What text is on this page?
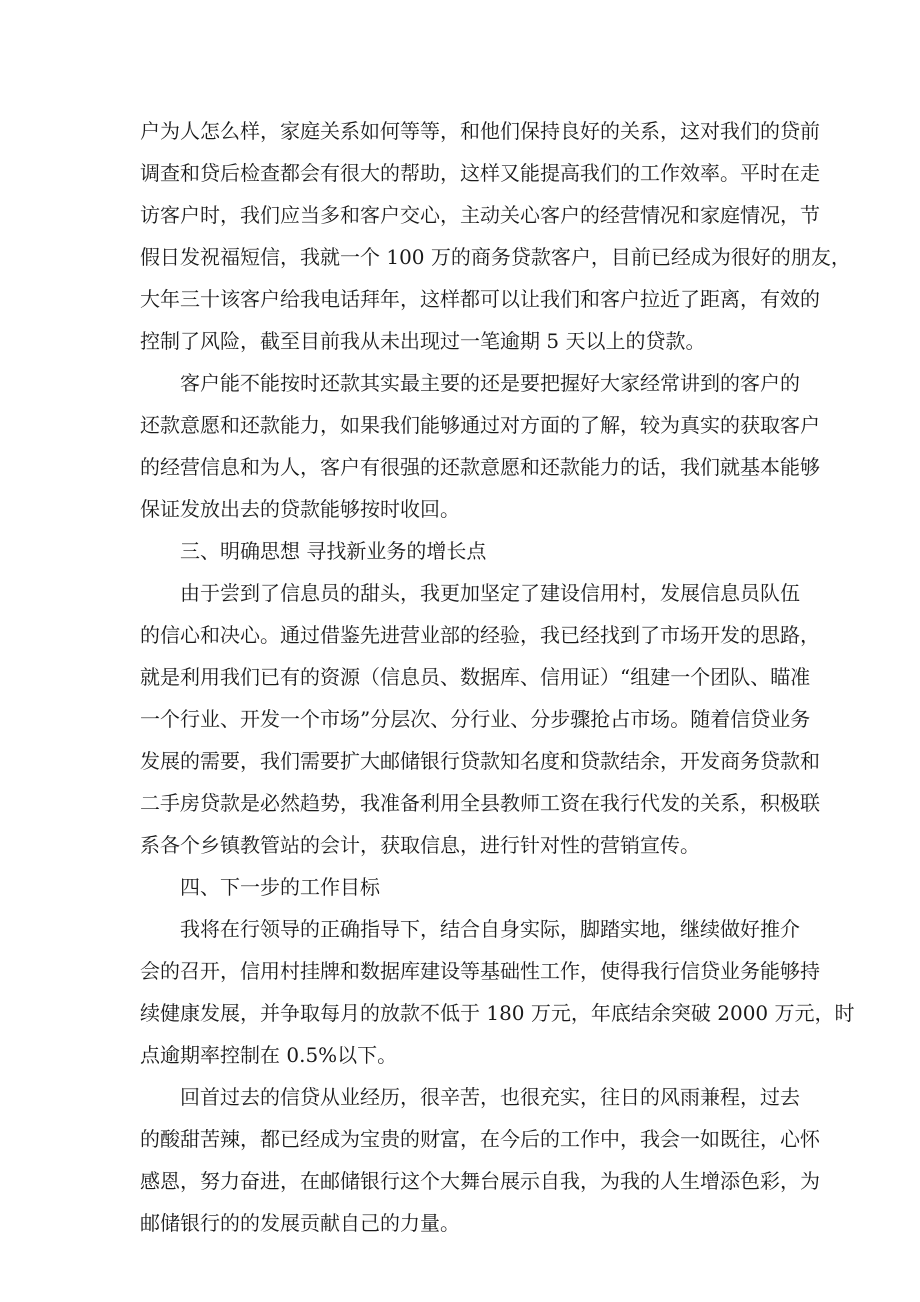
户为人怎么样，家庭关系如何等等，和他们保持良好的关系，这对我们的贷前
调查和贷后检查都会有很大的帮助，这样又能提高我们的工作效率。平时在走
访客户时，我们应当多和客户交心，主动关心客户的经营情况和家庭情况，节
假日发祝福短信，我就一个 100 万的商务贷款客户，目前已经成为很好的朋友，
大年三十该客户给我电话拜年，这样都可以让我们和客户拉近了距离，有效的
控制了风险，截至目前我从未出现过一笔逾期 5 天以上的贷款。

客户能不能按时还款其实最主要的还是要把握好大家经常讲到的客户的
还款意愿和还款能力，如果我们能够通过对方面的了解，较为真实的获取客户
的经营信息和为人，客户有很强的还款意愿和还款能力的话，我们就基本能够
保证发放出去的贷款能够按时收回。

三、明确思想 寻找新业务的增长点

由于尝到了信息员的甜头，我更加坚定了建设信用村，发展信息员队伍
的信心和决心。通过借鉴先进营业部的经验，我已经找到了市场开发的思路，
就是利用我们已有的资源（信息员、数据库、信用证）“组建一个团队、瞄准
一个行业、开发一个市场”分层次、分行业、分步骤抢占市场。随着信贷业务
发展的需要，我们需要扩大邮储银行贷款知名度和贷款结余，开发商务贷款和
二手房贷款是必然趋势，我准备利用全县教师工资在我行代发的关系，积极联
系各个乡镇教管站的会计，获取信息，进行针对性的营销宣传。

四、下一步的工作目标

我将在行领导的正确指导下，结合自身实际，脚踏实地，继续做好推介
会的召开，信用村挂牌和数据库建设等基础性工作，使得我行信贷业务能够持
续健康发展，并争取每月的放款不低于 180 万元，年底结余突破 2000 万元，时
点逾期率控制在 0.5%以下。

回首过去的信贷从业经历，很辛苦，也很充实，往日的风雨兼程，过去
的酸甜苦辣，都已经成为宝贵的财富，在今后的工作中，我会一如既往，心怀
感恩，努力奋进，在邮储银行这个大舞台展示自我，为我的人生增添色彩，为
邮储银行的的发展贡献自己的力量。
